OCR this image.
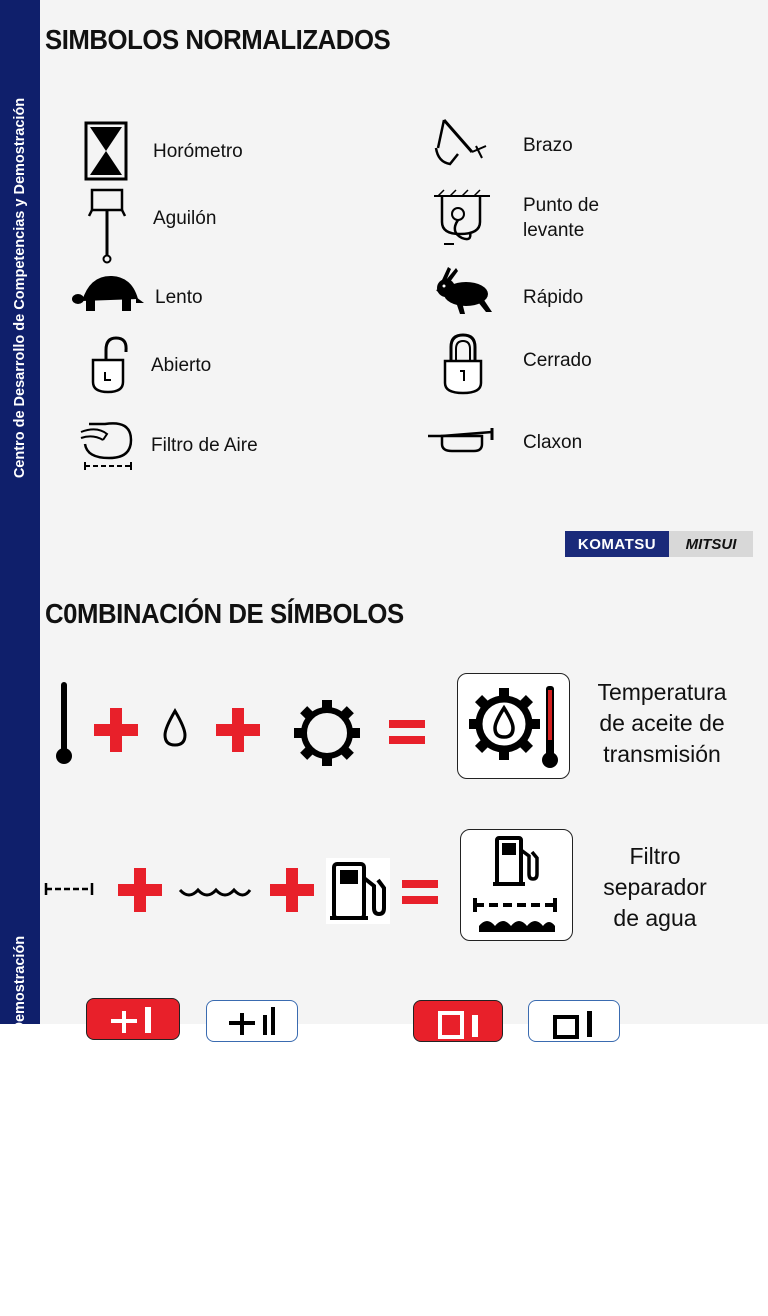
Centro de Desarrollo de Competencias y Demostración
SIMBOLOS NORMALIZADOS
Horómetro
Aguilón
Lento
Abierto
Filtro de Aire
Brazo
Punto de
levante
Rápido
Cerrado
Claxon
KOMATSU	MITSUI
Centro de Desarrollo de Competencias y Demostración
C0MBINACIÓN DE SÍMBOLOS
Temperatura
de aceite de
transmisión
Filtro
separador
de agua
